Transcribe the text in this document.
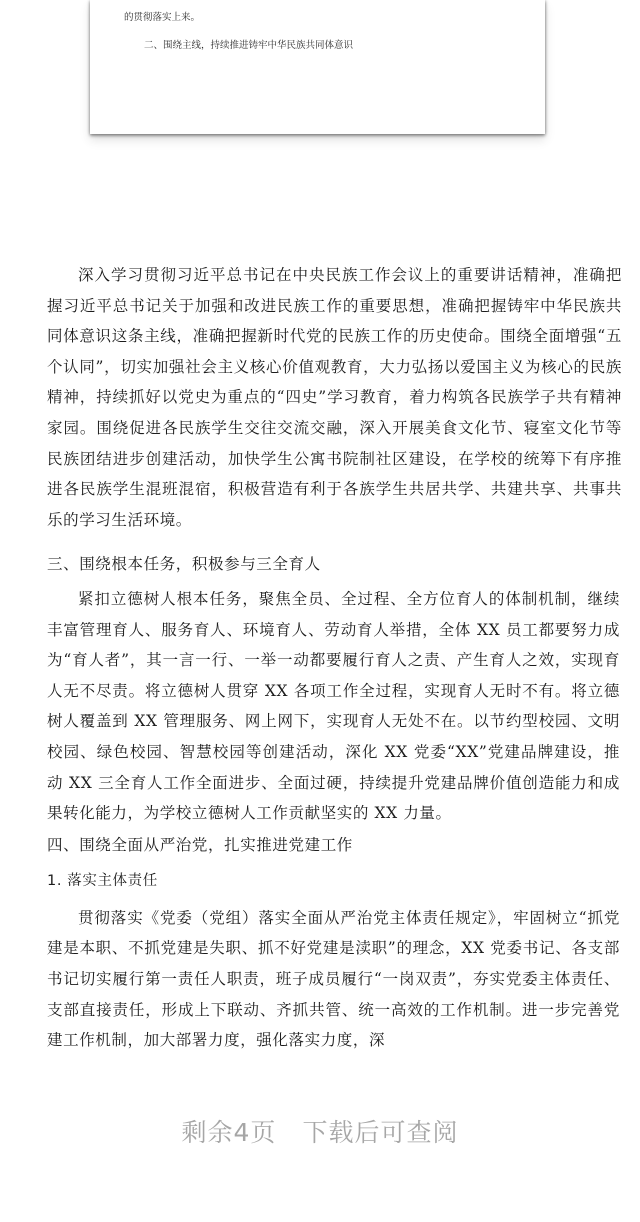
的贯彻落实上来。
二、围绕主线，持续推进铸牢中华民族共同体意识

深入学习贯彻习近平总书记在中央民族工作会议上的重要讲话精神，准确把握习近平总书记关于加强和改进民族工作的重要思想，准确把握铸牢中华民族共同体意识这条主线，准确把握新时代党的民族工作的历史使命。围绕全面增强“五个认同”，切实加强社会主义核心价值观教育，大力弘扬以爱国主义为核心的民族精神，持续抓好以党史为重点的“四史”学习教育，着力构筑各民族学子共有精神家园。围绕促进各民族学生交往交流交融，深入开展美食文化节、寝室文化节等民族团结进步创建活动，加快学生公寓书院制社区建设，在学校的统筹下有序推进各民族学生混班混宿，积极营造有利于各族学生共居共学、共建共享、共事共乐的学习生活环境。

三、围绕根本任务，积极参与三全育人

紧扣立德树人根本任务，聚焦全员、全过程、全方位育人的体制机制，继续丰富管理育人、服务育人、环境育人、劳动育人举措，全体 XX 员工都要努力成为“育人者”，其一言一行、一举一动都要履行育人之责、产生育人之效，实现育人无不尽责。将立德树人贯穿 XX 各项工作全过程，实现育人无时不有。将立德树人覆盖到 XX 管理服务、网上网下，实现育人无处不在。以节约型校园、文明校园、绿色校园、智慧校园等创建活动，深化 XX 党委“XX”党建品牌建设，推动 XX 三全育人工作全面进步、全面过硬，持续提升党建品牌价值创造能力和成果转化能力，为学校立德树人工作贡献坚实的 XX 力量。

四、围绕全面从严治党，扎实推进党建工作

1. 落实主体责任

贯彻落实《党委（党组）落实全面从严治党主体责任规定》，牢固树立“抓党建是本职、不抓党建是失职、抓不好党建是渎职”的理念，XX 党委书记、各支部书记切实履行第一责任人职责，班子成员履行“一岗双责”，夯实党委主体责任、支部直接责任，形成上下联动、齐抓共管、统一高效的工作机制。进一步完善党建工作机制，加大部署力度，强化落实力度，深

剩余4页 下载后可查阅
